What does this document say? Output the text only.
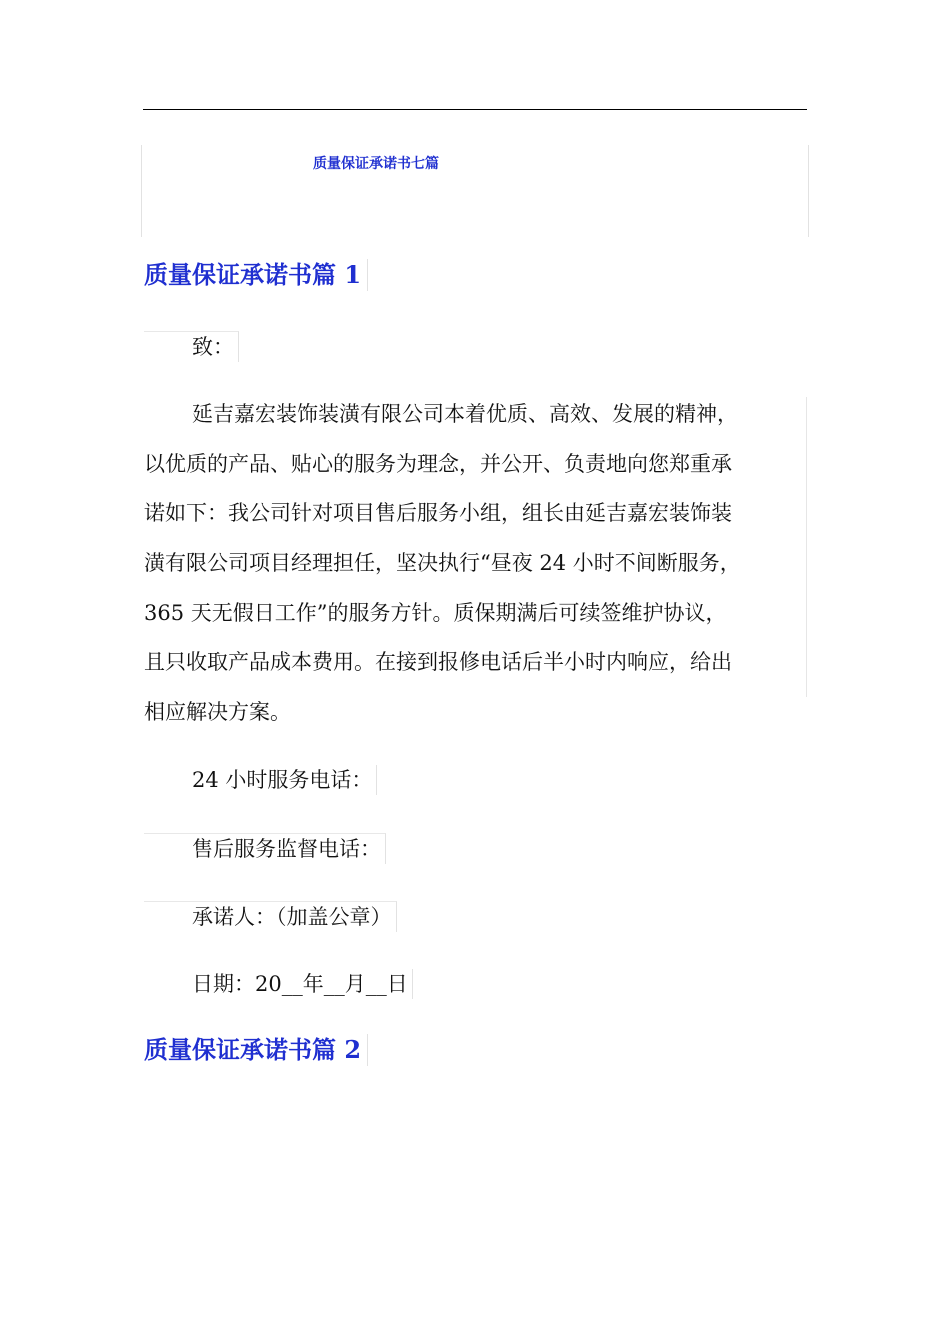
质量保证承诺书七篇
质量保证承诺书篇 1
致：
延吉嘉宏装饰装潢有限公司本着优质、高效、发展的精神，
以优质的产品、贴心的服务为理念，并公开、负责地向您郑重承
诺如下：我公司针对项目售后服务小组，组长由延吉嘉宏装饰装
潢有限公司项目经理担任，坚决执行“昼夜 24 小时不间断服务，
365 天无假日工作”的服务方针。质保期满后可续签维护协议，
且只收取产品成本费用。在接到报修电话后半小时内响应，给出
相应解决方案。
24 小时服务电话：
售后服务监督电话：
承诺人：（加盖公章）
日期：20__年__月__日
质量保证承诺书篇 2
